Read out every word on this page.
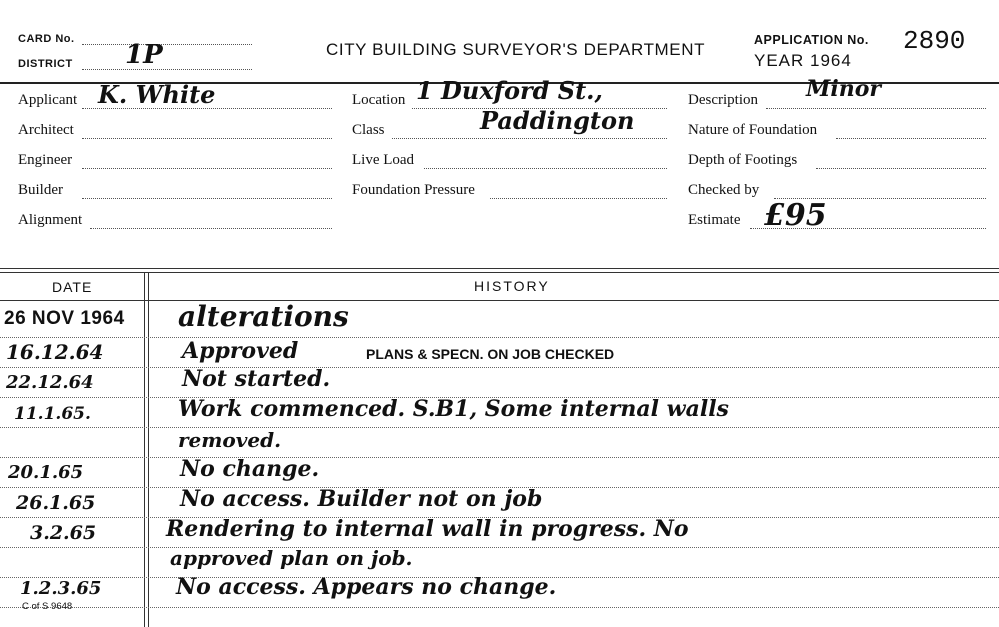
CARD No.
DISTRICT 1P	CITY BUILDING SURVEYOR'S DEPARTMENT	APPLICATION No. 2890
YEAR 1964
Applicant K. White
Architect
Engineer
Builder
Alignment
Location 1 Duxford St.,
Paddington
Class
Live Load
Foundation Pressure
Description Minor
Nature of Foundation
Depth of Footings
Checked by
Estimate £95
DATE	HISTORY
26 NOV 1964 alterations
16.12.64	Approved	PLANS & SPECN. ON JOB CHECKED
22.12.64	Not started.
11.1.65.	Work commenced. S.B1, Some internal walls
removed.
20.1.65	No change.
26.1.65	No access. Builder not on job
3.2.65	Rendering to internal wall in progress. No
approved plan on job.
1.2.3.65	No access. Appears no change.
C of S 9648
